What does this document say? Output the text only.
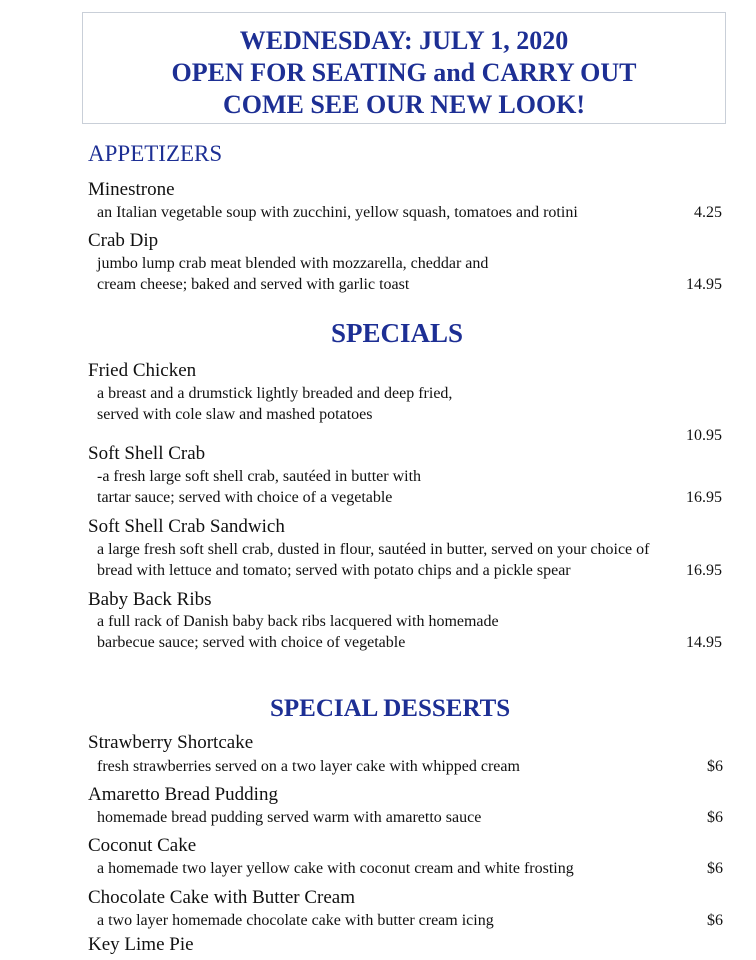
WEDNESDAY: JULY 1, 2020
OPEN FOR SEATING and CARRY OUT
COME SEE OUR NEW LOOK!
APPETIZERS
Minestrone
an Italian vegetable soup with zucchini, yellow squash, tomatoes and rotini	4.25
Crab Dip
jumbo lump crab meat blended with mozzarella, cheddar and
cream cheese; baked and served with garlic toast	14.95
SPECIALS
Fried Chicken
a breast and a drumstick lightly breaded and deep fried,
served with cole slaw and mashed potatoes
10.95
Soft Shell Crab
-a fresh large soft shell crab, sautéed in butter with
tartar sauce; served with choice of a vegetable	16.95
Soft Shell Crab Sandwich
a large fresh soft shell crab, dusted in flour, sautéed in butter, served on your choice of
bread with lettuce and tomato; served with potato chips and a pickle spear	16.95
Baby Back Ribs
a full rack of Danish baby back ribs lacquered with homemade
barbecue sauce; served with choice of vegetable	14.95
SPECIAL DESSERTS
Strawberry Shortcake
fresh strawberries served on a two layer cake with whipped cream	$6
Amaretto Bread Pudding
homemade bread pudding served warm with amaretto sauce	$6
Coconut Cake
a homemade two layer yellow cake with coconut cream and white frosting	$6
Chocolate Cake with Butter Cream
a two layer homemade chocolate cake with butter cream icing	$6
Key Lime Pie
